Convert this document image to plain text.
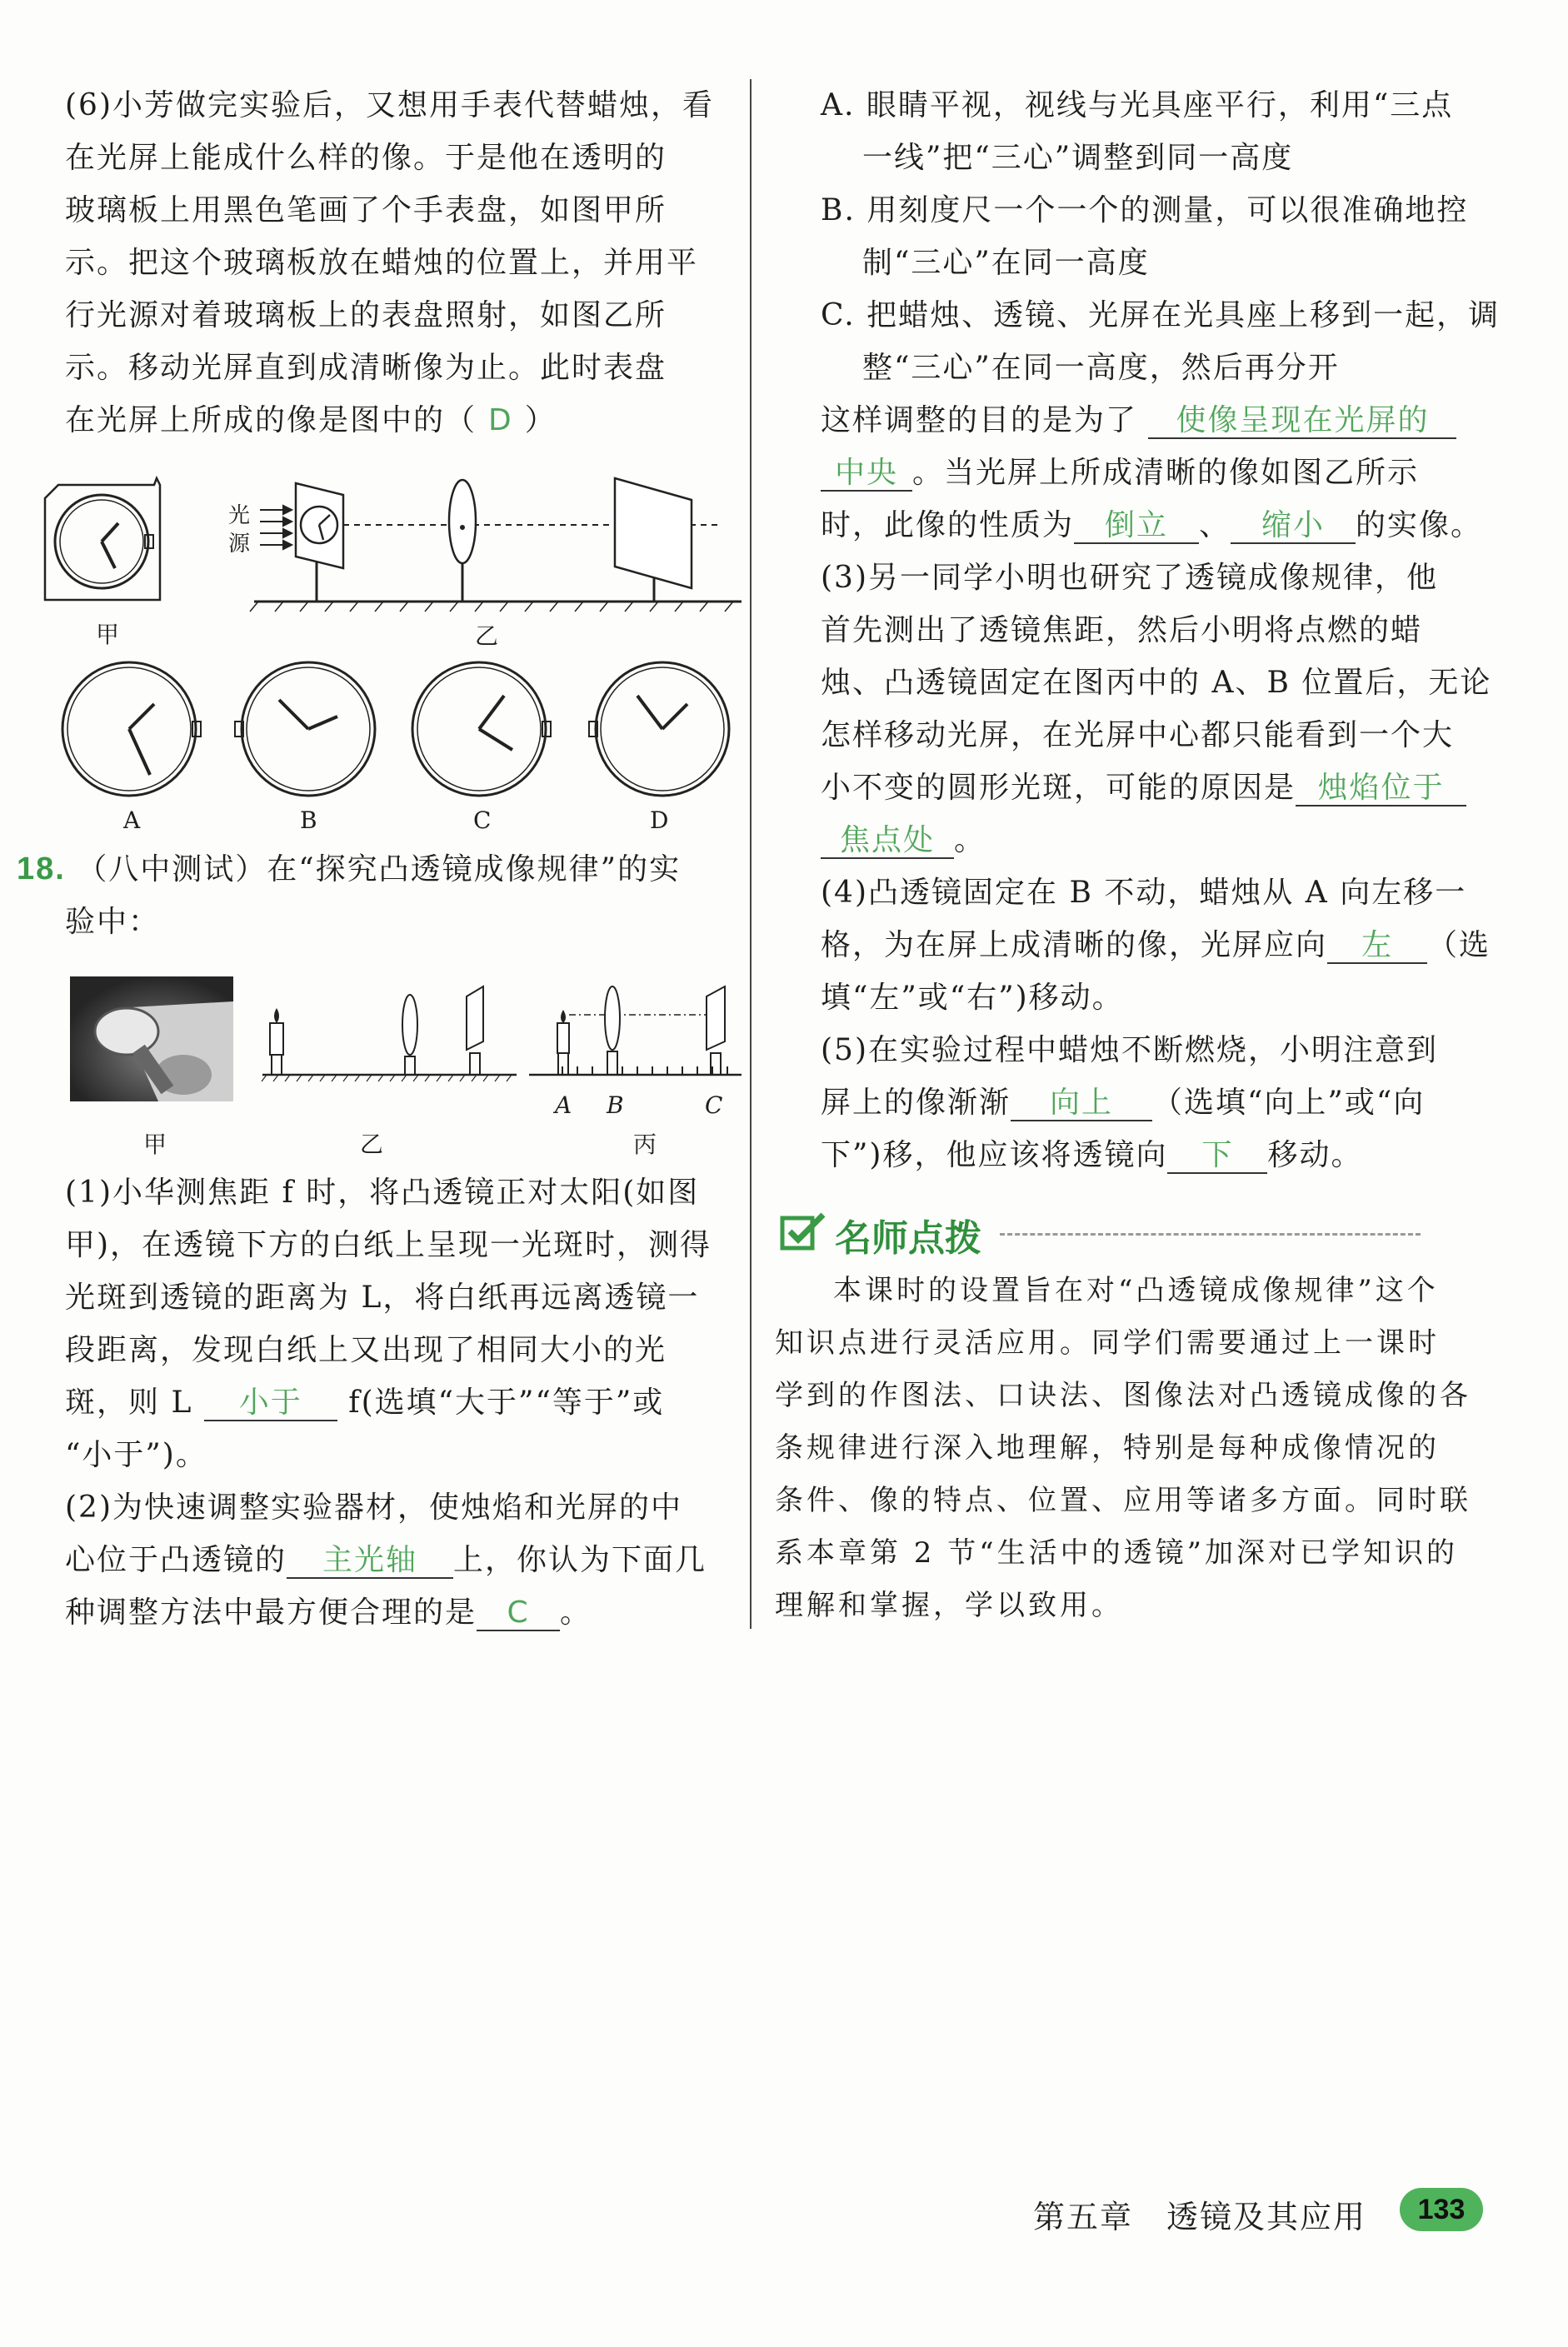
(6)小芳做完实验后，又想用手表代替蜡烛，看

在光屏上能成什么样的像。于是他在透明的

玻璃板上用黑色笔画了个手表盘，如图甲所

示。把这个玻璃板放在蜡烛的位置上，并用平

行光源对着玻璃板上的表盘照射，如图乙所

示。移动光屏直到成清晰像为止。此时表盘

在光屏上所成的像是图中的（ D ）

甲	乙
光
源
A	B	C	D

18. （八中测试）在“探究凸透镜成像规律”的实

验中：

甲	乙	丙
A B	C

(1)小华测焦距 f 时，将凸透镜正对太阳(如图

甲)，在透镜下方的白纸上呈现一光斑时，测得

光斑到透镜的距离为 L，将白纸再远离透镜一

段距离，发现白纸上又出现了相同大小的光

斑，则 L 小于 f(选填“大于”“等于”或

“小于”)。

(2)为快速调整实验器材，使烛焰和光屏的中

心位于凸透镜的 主光轴 上，你认为下面几

种调整方法中最方便合理的是 C 。

A. 眼睛平视，视线与光具座平行，利用“三点

一线”把“三心”调整到同一高度

B. 用刻度尺一个一个的测量，可以很准确地控

制“三心”在同一高度

C. 把蜡烛、透镜、光屏在光具座上移到一起，调

整“三心”在同一高度，然后再分开

这样调整的目的是为了 使像呈现在光屏的

中央 。当光屏上所成清晰的像如图乙所示

时，此像的性质为 倒立 、 缩小 的实像。

(3)另一同学小明也研究了透镜成像规律，他

首先测出了透镜焦距，然后小明将点燃的蜡

烛、凸透镜固定在图丙中的 A、B 位置后，无论

怎样移动光屏，在光屏中心都只能看到一个大

小不变的圆形光斑，可能的原因是 烛焰位于

焦点处 。

(4)凸透镜固定在 B 不动，蜡烛从 A 向左移一

格，为在屏上成清晰的像，光屏应向 左 （选

填“左”或“右”)移动。

(5)在实验过程中蜡烛不断燃烧，小明注意到

屏上的像渐渐 向上 （选填“向上”或“向

下”)移，他应该将透镜向 下 移动。

名师点拨

本课时的设置旨在对“凸透镜成像规律”这个

知识点进行灵活应用。同学们需要通过上一课时

学到的作图法、口诀法、图像法对凸透镜成像的各

条规律进行深入地理解，特别是每种成像情况的

条件、像的特点、位置、应用等诸多方面。同时联

系本章第 2 节“生活中的透镜”加深对已学知识的

理解和掌握，学以致用。

第五章　透镜及其应用	133
